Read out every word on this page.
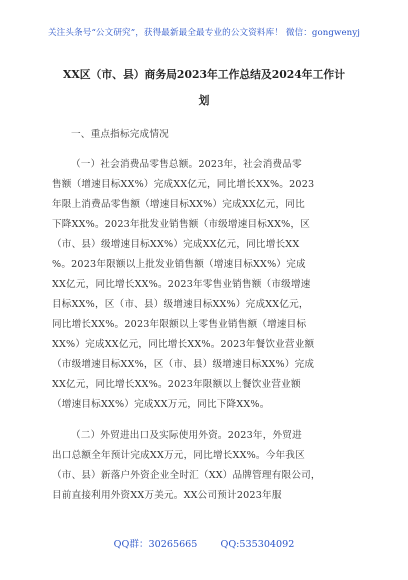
关注头条号“公文研究”，获得最新最全最专业的公文资料库！ 微信：gongwenyj
XX区（市、县）商务局2023年工作总结及2024年工作计
划
一、重点指标完成情况
（一）社会消费品零售总额。2023年，社会消费品零
售额（增速目标XX%）完成XX亿元，同比增长XX%。2023
年限上消费品零售额（增速目标XX%）完成XX亿元，同比
下降XX%。2023年批发业销售额（市级增速目标XX%，区
（市、县）级增速目标XX%）完成XX亿元，同比增长XX
%。2023年限额以上批发业销售额（增速目标XX%）完成
XX亿元，同比增长XX%。2023年零售业销售额（市级增速
目标XX%，区（市、县）级增速目标XX%）完成XX亿元，
同比增长XX%。2023年限额以上零售业销售额（增速目标
XX%）完成XX亿元，同比增长XX%。2023年餐饮业营业额
（市级增速目标XX%，区（市、县）级增速目标XX%）完成
XX亿元，同比增长XX%。2023年限额以上餐饮业营业额
（增速目标XX%）完成XX万元，同比下降XX%。
（二）外贸进出口及实际使用外资。2023年，外贸进
出口总额全年预计完成XX万元，同比增长XX%。今年我区
（市、县）新落户外资企业全时汇（XX）品牌管理有限公司，
目前直接利用外资XX万美元。XX公司预计2023年服
QQ群：30265665 QQ:535304092
